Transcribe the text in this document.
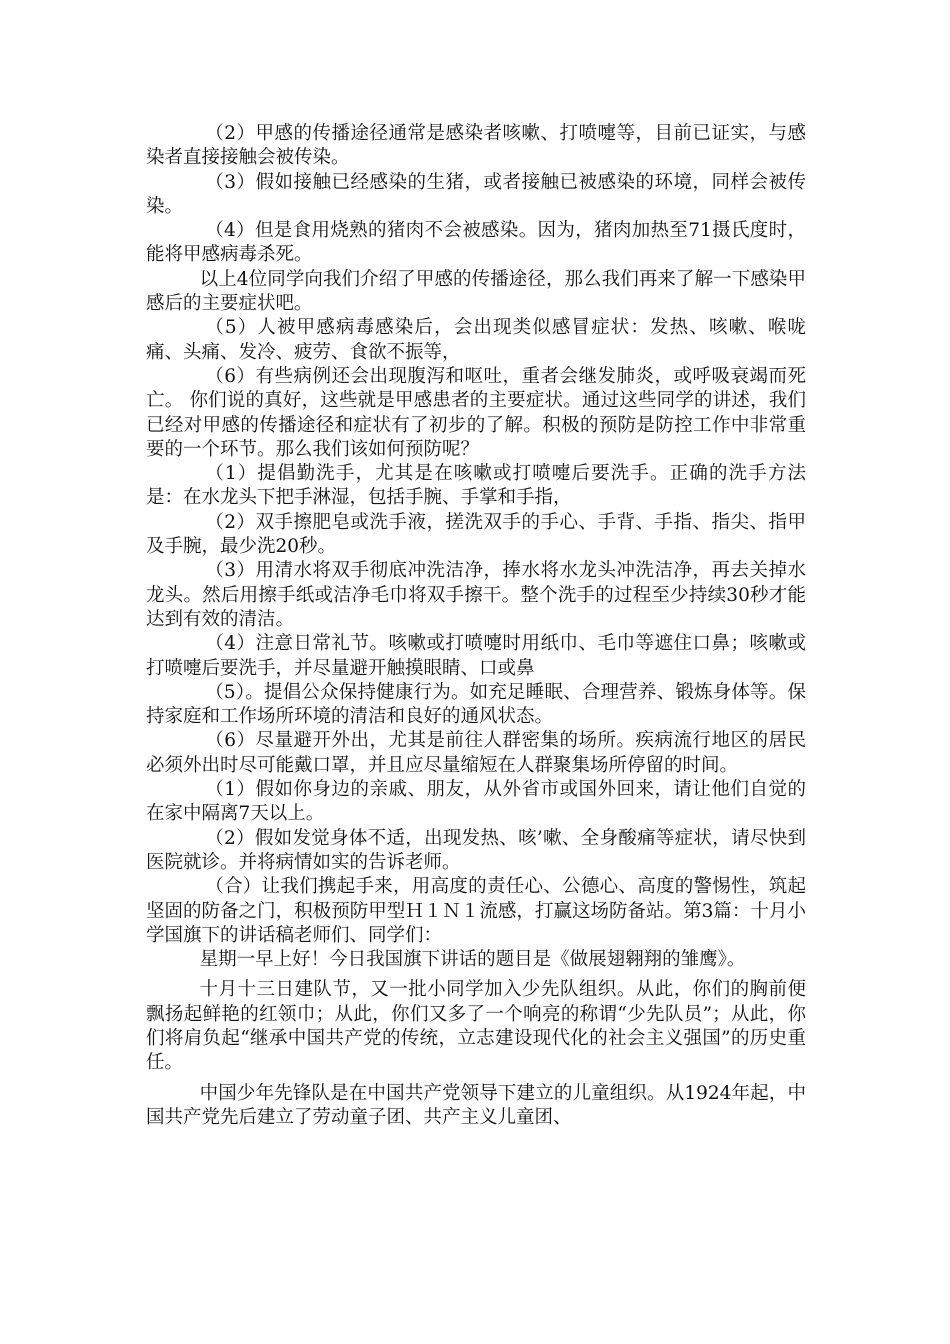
（2）甲感的传播途径通常是感染者咳嗽、打喷嚏等，目前已证实，与感染者直接接触会被传染。

（3）假如接触已经感染的生猪，或者接触已被感染的环境，同样会被传染。

（4）但是食用烧熟的猪肉不会被感染。因为，猪肉加热至71摄氏度时，能将甲感病毒杀死。

以上4位同学向我们介绍了甲感的传播途径，那么我们再来了解一下感染甲感后的主要症状吧。

（5）人被甲感病毒感染后，会出现类似感冒症状：发热、咳嗽、喉咙痛、头痛、发冷、疲劳、食欲不振等，

（6）有些病例还会出现腹泻和呕吐，重者会继发肺炎，或呼吸衰竭而死亡。 你们说的真好，这些就是甲感患者的主要症状。通过这些同学的讲述，我们已经对甲感的传播途径和症状有了初步的了解。积极的预防是防控工作中非常重要的一个环节。那么我们该如何预防呢？

（1）提倡勤洗手，尤其是在咳嗽或打喷嚏后要洗手。正确的洗手方法是：在水龙头下把手淋湿，包括手腕、手掌和手指，

（2）双手擦肥皂或洗手液，搓洗双手的手心、手背、手指、指尖、指甲及手腕，最少洗20秒。

（3）用清水将双手彻底冲洗洁净，捧水将水龙头冲洗洁净，再去关掉水龙头。然后用擦手纸或洁净毛巾将双手擦干。整个洗手的过程至少持续30秒才能达到有效的清洁。

（4）注意日常礼节。咳嗽或打喷嚏时用纸巾、毛巾等遮住口鼻；咳嗽或打喷嚏后要洗手，并尽量避开触摸眼睛、口或鼻

（5）。提倡公众保持健康行为。如充足睡眠、合理营养、锻炼身体等。保持家庭和工作场所环境的清洁和良好的通风状态。

（6）尽量避开外出，尤其是前往人群密集的场所。疾病流行地区的居民必须外出时尽可能戴口罩，并且应尽量缩短在人群聚集场所停留的时间。

（1）假如你身边的亲戚、朋友，从外省市或国外回来，请让他们自觉的在家中隔离7天以上。

（2）假如发觉身体不适，出现发热、咳’嗽、全身酸痛等症状，请尽快到医院就诊。并将病情如实的告诉老师。

（合）让我们携起手来，用高度的责任心、公德心、高度的警惕性，筑起坚固的防备之门，积极预防甲型Ｈ１Ｎ１流感，打赢这场防备站。第3篇：十月小学国旗下的讲话稿老师们、同学们：

星期一早上好！今日我国旗下讲话的题目是《做展翅翱翔的雏鹰》。

十月十三日建队节，又一批小同学加入少先队组织。从此，你们的胸前便飘扬起鲜艳的红领巾；从此，你们又多了一个响亮的称谓“少先队员”；从此，你们将肩负起“继承中国共产党的传统，立志建设现代化的社会主义强国”的历史重任。

中国少年先锋队是在中国共产党领导下建立的儿童组织。从1924年起，中国共产党先后建立了劳动童子团、共产主义儿童团、
